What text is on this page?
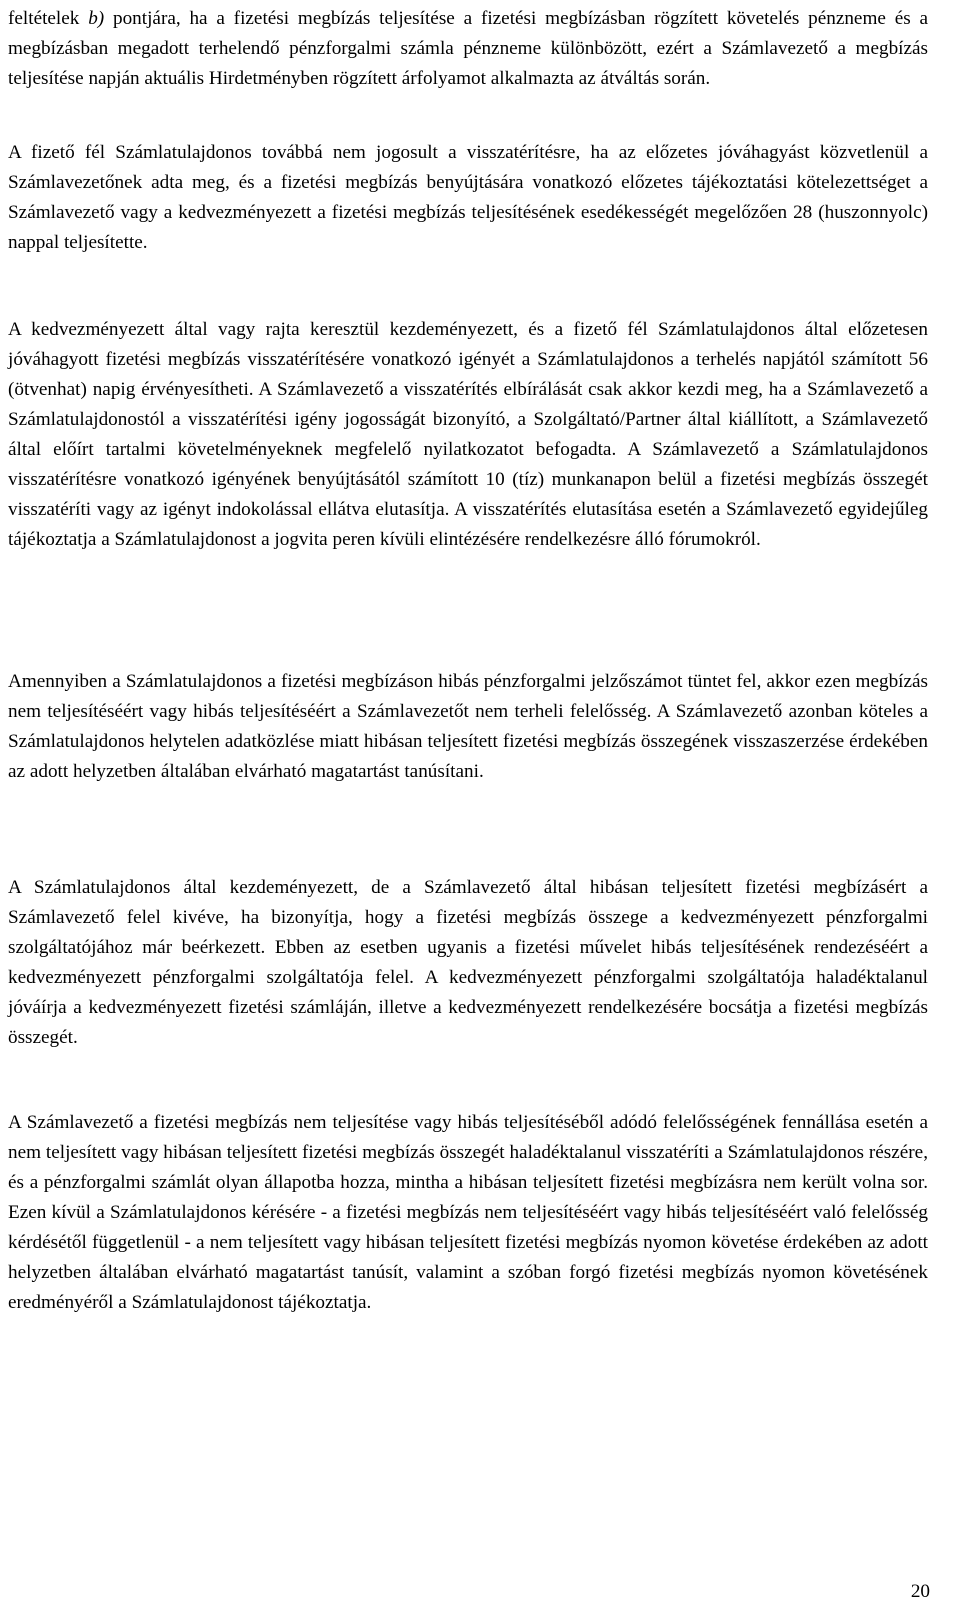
feltételek b) pontjára, ha a fizetési megbízás teljesítése a fizetési megbízásban rögzített követelés pénzneme és a megbízásban megadott terhelendő pénzforgalmi számla pénzneme különbözött, ezért a Számlavezető a megbízás teljesítése napján aktuális Hirdetményben rögzített árfolyamot alkalmazta az átváltás során.

A fizető fél Számlatulajdonos továbbá nem jogosult a visszatérítésre, ha az előzetes jóváhagyást közvetlenül a Számlavezetőnek adta meg, és a fizetési megbízás benyújtására vonatkozó előzetes tájékoztatási kötelezettséget a Számlavezető vagy a kedvezményezett a fizetési megbízás teljesítésének esedékességét megelőzően 28 (huszonnyolc) nappal teljesítette.

A kedvezményezett által vagy rajta keresztül kezdeményezett, és a fizető fél Számlatulajdonos által előzetesen jóváhagyott fizetési megbízás visszatérítésére vonatkozó igényét a Számlatulajdonos a terhelés napjától számított 56 (ötvenhat) napig érvényesítheti. A Számlavezető a visszatérítés elbírálását csak akkor kezdi meg, ha a Számlavezető a Számlatulajdonostól a visszatérítési igény jogosságát bizonyító, a Szolgáltató/Partner által kiállított, a Számlavezető által előírt tartalmi követelményeknek megfelelő nyilatkozatot befogadta. A Számlavezető a Számlatulajdonos visszatérítésre vonatkozó igényének benyújtásától számított 10 (tíz) munkanapon belül a fizetési megbízás összegét visszatéríti vagy az igényt indokolással ellátva elutasítja. A visszatérítés elutasítása esetén a Számlavezető egyidejűleg tájékoztatja a Számlatulajdonost a jogvita peren kívüli elintézésére rendelkezésre álló fórumokról.

Amennyiben a Számlatulajdonos a fizetési megbízáson hibás pénzforgalmi jelzőszámot tüntet fel, akkor ezen megbízás nem teljesítéséért vagy hibás teljesítéséért a Számlavezetőt nem terheli felelősség. A Számlavezető azonban köteles a Számlatulajdonos helytelen adatközlése miatt hibásan teljesített fizetési megbízás összegének visszaszerzése érdekében az adott helyzetben általában elvárható magatartást tanúsítani.

A Számlatulajdonos által kezdeményezett, de a Számlavezető által hibásan teljesített fizetési megbízásért a Számlavezető felel kivéve, ha bizonyítja, hogy a fizetési megbízás összege a kedvezményezett pénzforgalmi szolgáltatójához már beérkezett. Ebben az esetben ugyanis a fizetési művelet hibás teljesítésének rendezéséért a kedvezményezett pénzforgalmi szolgáltatója felel. A kedvezményezett pénzforgalmi szolgáltatója haladéktalanul jóváírja a kedvezményezett fizetési számláján, illetve a kedvezményezett rendelkezésére bocsátja a fizetési megbízás összegét.

A Számlavezető a fizetési megbízás nem teljesítése vagy hibás teljesítéséből adódó felelősségének fennállása esetén a nem teljesített vagy hibásan teljesített fizetési megbízás összegét haladéktalanul visszatéríti a Számlatulajdonos részére, és a pénzforgalmi számlát olyan állapotba hozza, mintha a hibásan teljesített fizetési megbízásra nem került volna sor. Ezen kívül a Számlatulajdonos kérésére - a fizetési megbízás nem teljesítéséért vagy hibás teljesítéséért való felelősség kérdésétől függetlenül - a nem teljesített vagy hibásan teljesített fizetési megbízás nyomon követése érdekében az adott helyzetben általában elvárható magatartást tanúsít, valamint a szóban forgó fizetési megbízás nyomon követésének eredményéről a Számlatulajdonost tájékoztatja.

20
